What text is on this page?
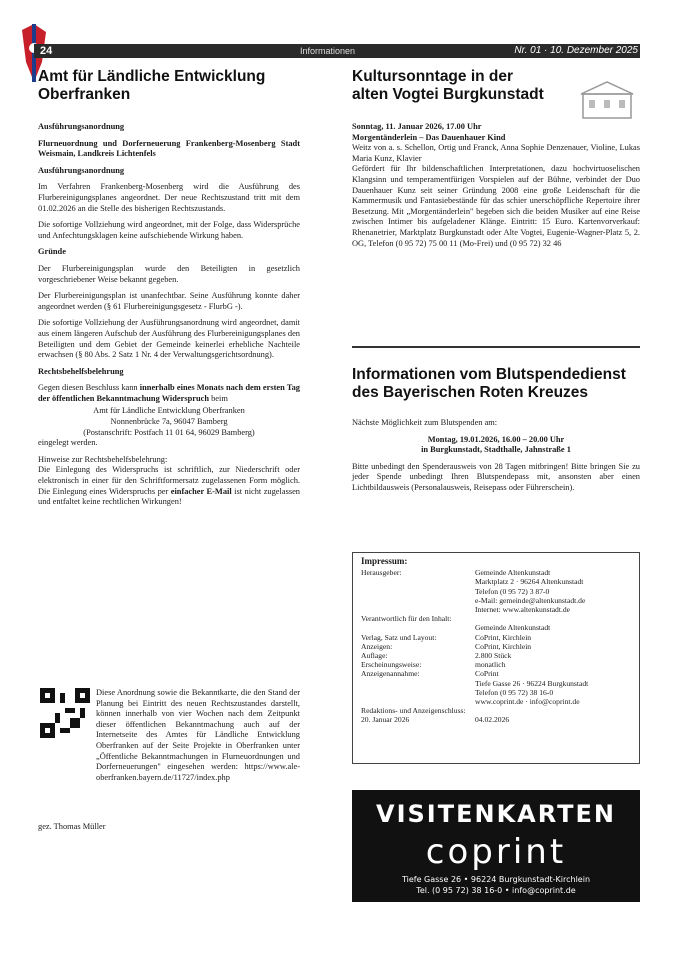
24	Informationen	Nr. 01 · 10. Dezember 2025
Amt für Ländliche Entwicklung
Oberfranken

Ausführungsanordnung

Flurneuordnung und Dorferneuerung Frankenberg-Mosenberg Stadt Weismain, Landkreis Lichtenfels

Ausführungsanordnung

Im Verfahren Frankenberg-Mosenberg wird die Ausführung des Flurbereinigungsplanes angeordnet. Der neue Rechtszustand tritt mit dem 01.02.2026 an die Stelle des bisherigen Rechtszustands.

Die sofortige Vollziehung wird angeordnet, mit der Folge, dass Widersprüche und Anfechtungsklagen keine aufschiebende Wirkung haben.

Gründe

Der Flurbereinigungsplan wurde den Beteiligten in gesetzlich vorgeschriebener Weise bekannt gegeben.

Der Flurbereinigungsplan ist unanfechtbar. Seine Ausführung konnte daher angeordnet werden (§ 61 Flurbereinigungsgesetz - FlurbG -).

Die sofortige Vollziehung der Ausführungsanordnung wird angeordnet, damit aus einem längeren Aufschub der Ausführung des Flurbereinigungsplanes den Beteiligten und dem Gebiet der Gemeinde keinerlei erhebliche Nachteile erwachsen (§ 80 Abs. 2 Satz 1 Nr. 4 der Verwaltungsgerichtsordnung).

Rechtsbehelfsbelehrung

Gegen diesen Beschluss kann innerhalb eines Monats nach dem ersten Tag der öffentlichen Bekanntmachung Widerspruch beim

Amt für Ländliche Entwicklung Oberfranken
Nonnenbrücke 7a, 96047 Bamberg
(Postanschrift: Postfach 11 01 64, 96029 Bamberg)

eingelegt werden.

Hinweise zur Rechtsbehelfsbelehrung:

Die Einlegung des Widerspruchs ist schriftlich, zur Niederschrift oder elektronisch in einer für den Schriftformersatz zugelassenen Form möglich. Die Einlegung eines Widerspruchs per einfacher E-Mail ist nicht zugelassen und entfaltet keine rechtlichen Wirkungen!

Diese Anordnung sowie die Bekanntkarte, die den Stand der Planung bei Eintritt des neuen Rechtszustandes darstellt, können innerhalb von vier Wochen nach dem Zeitpunkt dieser öffentlichen Bekanntmachung auch auf der Internetseite des Amtes für Ländliche Entwicklung Oberfranken auf der Seite Projekte in Oberfranken unter „Öffentliche Bekanntmachungen in Flurneuordnungen und Dorferneuerungen" eingesehen werden: https://www.ale-oberfranken.bayern.de/11727/index.php
gez. Thomas Müller
Kultursonntage in der
alten Vogtei Burgkunstadt
Sonntag, 11. Januar 2026, 17.00 Uhr
Morgentänderlein – Das Dauenhauer Kind
Weitz von a. s. Schellon, Ortig und Franck, Anna Sophie Denzenauer, Violine, Lukas Maria Kunz, Klavier
Gefördert für Ihr bildenschaftlichen Interpretationen, dazu hochvirtuoselischen Klangsinn und temperamentfürigen Vorspielen auf der Bühne, verbindet der Duo Dauenhauer Kunz seit seiner Gründung 2008 eine große Leidenschaft für die Kammermusik und Fantasiebestände für das schier unerschöpfliche Repertoire ihrer Besetzung. Mit „Morgentänderlein" begeben sich die beiden Musiker auf eine Reise zwischen Intimer bis aufgeladener Klänge. Eintritt: 15 Euro. Kartenvorverkauf: Rhenanetrier, Marktplatz Burgkunstadt oder Alte Vogtei, Eugenie-Wagner-Platz 5, 2. OG, Telefon (0 95 72) 75 00 11 (Mo-Frei) und (0 95 72) 32 46
Informationen vom Blutspendedienst
des Bayerischen Roten Kreuzes

Nächste Möglichkeit zum Blutspenden am:

Montag, 19.01.2026, 16.00 – 20.00 Uhr

in Burgkunstadt, Stadthalle, Jahnstraße 1

Bitte unbedingt den Spenderausweis von 28 Tagen mitbringen! Bitte bringen Sie zu jeder Spende unbedingt Ihren Blutspendepass mit, ansonsten aber einen Lichtbildausweis (Personalausweis, Reisepass oder Führerschein).

Impressum:
Herausgeber:	Gemeinde Altenkunstadt
Marktplatz 2 · 96264 Altenkunstadt
Telefon (0 95 72) 3 87-0
e-Mail: gemeinde@altenkunstadt.de
Internet: www.altenkunstadt.de
Verantwortlich für den Inhalt:
Gemeinde Altenkunstadt
Verlag, Satz und Layout:	CoPrint, Kirchlein
Anzeigen:	CoPrint, Kirchlein
Auflage:	2.800 Stück
Erscheinungsweise:	monatlich
Anzeigenannahme:	CoPrint
Tiefe Gasse 26 · 96224 Burgkunstadt
Telefon (0 95 72) 38 16-0
www.coprint.de · info@coprint.de
Redaktions- und Anzeigenschluss:
20. Januar 2026	04.02.2026
VISITENKARTEN
coprint
Tiefe Gasse 26 • 96224 Burgkunstadt-Kirchlein
Tel. (0 95 72) 38 16-0 • info@coprint.de
